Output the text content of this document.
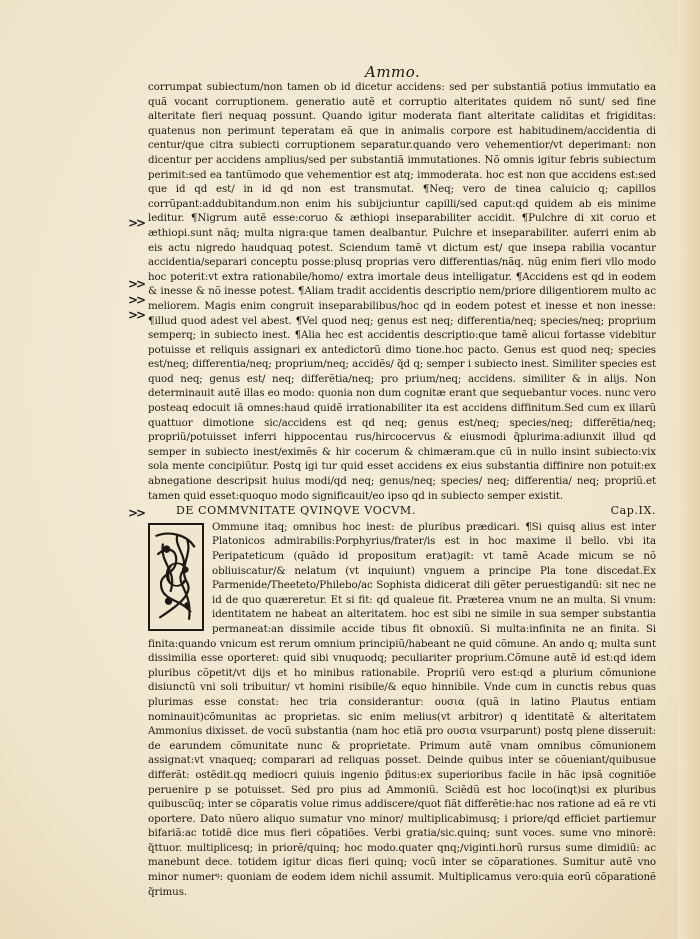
Ammo.
>>
>>
>>
>>
>>

corrumpat subiectum/non tamen ob id dicetur accidens: sed per substantiã potius immutatio ea quã vocant corruptionem. generatio autẽ et corruptio alteritates quidem nõ sunt/ sed fine alteritate fieri nequaq possunt. Quando igitur moderata fiant alteritate caliditas et frigiditas: quatenus non perimunt teperatam eã que in animalis corpore est habitudinem/accidentia di centur/que citra subiecti corruptionem separatur.quando vero vehementior/vt deperimant: non dicentur per accidens amplius/sed per substantiã immutationes. Nõ omnis igitur febris subiectum perimit:sed ea tantũmodo que vehementior est atq; immoderata. hoc est non que accidens est:sed que id qd est/ in id qd non est transmutat. ¶Neq; vero de tinea caluicio q; capillos corrũpant:addubitandum.non enim his subijciuntur capilli/sed caput:qd quidem ab eis minime leditur. ¶Nigrum autẽ esse:coruo & æthiopi inseparabiliter accidit. ¶Pulchre di xit coruo et æthiopi.sunt nãq; multa nigra:que tamen dealbantur. Pulchre et inseparabiliter. auferri enim ab eis actu nigredo haudquaq potest. Sciendum tamẽ vt dictum est/ que insepa rabilia vocantur accidentia/separari conceptu posse:plusq proprias vero differentias/nãq. nũg enim fieri vllo modo hoc poterit:vt extra rationabile/homo/ extra imortale deus intelligatur. ¶Accidens est qd in eodem & inesse & nõ inesse potest. ¶Aliam tradit accidentis descriptio nem/priore diligentiorem multo ac meliorem. Magis enim congruit inseparabilibus/hoc qd in eodem potest et inesse et non inesse: ¶illud quod adest vel abest. ¶Vel quod neq; genus est neq; differentia/neq; species/neq; proprium semperq; in subiecto inest. ¶Alia hec est accidentis descriptio:que tamẽ alicui fortasse videbitur potuisse et reliquis assignari ex antedictorũ dimo tione.hoc pacto. Genus est quod neq; species est/neq; differentia/neq; proprium/neq; accidẽs/ q̃d q; semper i subiecto inest. Similiter species est quod neq; genus est/ neq; differẽtia/neq; pro prium/neq; accidens. similiter & in alijs. Non determinauit autẽ illas eo modo: quonia non dum cognitæ erant que sequebantur voces. nunc vero posteaq edocuit iã omnes:haud quidẽ irrationabiliter ita est accidens diffinitum.Sed cum ex illarũ quattuor dimotione sic/accidens est qd neq; genus est/neq; species/neq; differẽtia/neq; propriũ/potuisset inferri hippocentau rus/hircocervus & eiusmodi q̃plurima:adiunxit illud qd semper in subiecto inest/eximẽs & hir cocerum & chimæram.que cũ in nullo insint subiecto:vix sola mente concipiũtur. Postq igi tur quid esset accidens ex eius substantia diffinire non potuit:ex abnegatione descripsit huius modi/qd neq; genus/neq; species/ neq; differentia/ neq; propriũ.et tamen quid esset:quoquo modo significauit/eo ipso qd in subiecto semper existit.

DE COMMVNITATE QVINQVE VOCVM.	Cap.IX.
C

Ommune itaq; omnibus hoc inest: de pluribus prædicari. ¶Si quisq alius est inter Platonicos admirabilis:Porphyrius/frater/is est in hoc maxime il bello. vbi ita Peripateticum (quãdo id propositum erat)agit: vt tamẽ Acade micum se nõ obliuiscatur/& nelatum (vt inquiunt) vnguem a principe Pla tone discedat.Ex Parmenide/Theeteto/Philebo/ac Sophista didicerat dili gẽter peruestigandũ: sit nec ne id de quo quæreretur. Et si fit: qd qualeue fit. Præterea vnum ne an multa. Si vnum: identitatem ne habeat an alteritatem. hoc est sibi ne simile in sua semper substantia permaneat:an dissimile accide tibus fit obnoxiũ. Si multa:infinita ne an finita. Si finita:quando vnicum est rerum omnium principiũ/habeant ne quid cõmune. An ando q; multa sunt dissimilia esse oporteret: quid sibi vnuquodq; peculiariter proprium.Cõmune autẽ id est:qd idem pluribus cõpetit/vt dijs et ho minibus rationabile. Propriũ vero est:qd a plurium cõmunione disiunctũ vni soli tribuitur/ vt homini risibile/& equo hinnibile. Vnde cum in cunctis rebus quas plurimas esse constat: hec tria consideranturː ουσια (quã in latino Plautus entiam nominauit)cõmunitas ac proprietas. sic enim melius(vt arbitror) q identitatẽ & alteritatem Ammonius dixisset. de vocũ substantia (nam hoc etiã pro ουσια vsurparunt) postq plene disseruit: de earundem cõmunitate nunc & proprietate. Primum autẽ vnam omnibus cõmunionem assignat:vt vnaqueq; comparari ad reliquas posset. Deinde quibus inter se cõueniant/quibusue differãt: ostẽdit.qq mediocri quiuis ingenio p̃ditus:ex superioribus facile in hãc ipsã cognitiõe peruenire p se potuisset. Sed pro pius ad Ammoniũ. Sciẽdũ est hoc loco(inqt)si ex pluribus quibuscũq; inter se cõparatis volue rimus addiscere/quot fiãt differẽtie:hac nos ratione ad eã re vti oportere. Dato nũero aliquo sumatur vno minor/ multiplicabimusq; i priore/qd efficiet partiemur bifariã:ac totidẽ dice mus fieri cõpatiões. Verbi gratia/sic.quinq; sunt voces. sume vno minorẽ: q̃ttuor. multiplicesq; in priorẽ/quinq; hoc modo.quater qnq;/viginti.horũ rursus sume dimidiũ: ac manebunt dece. totidem igitur dicas fieri quinq; vocũ inter se cõparationes. Sumitur autẽ vno minor numerꝰ: quoniam de eodem idem nichil assumit. Multiplicamus vero:quia eorũ cõparationẽ q̃rimus.
